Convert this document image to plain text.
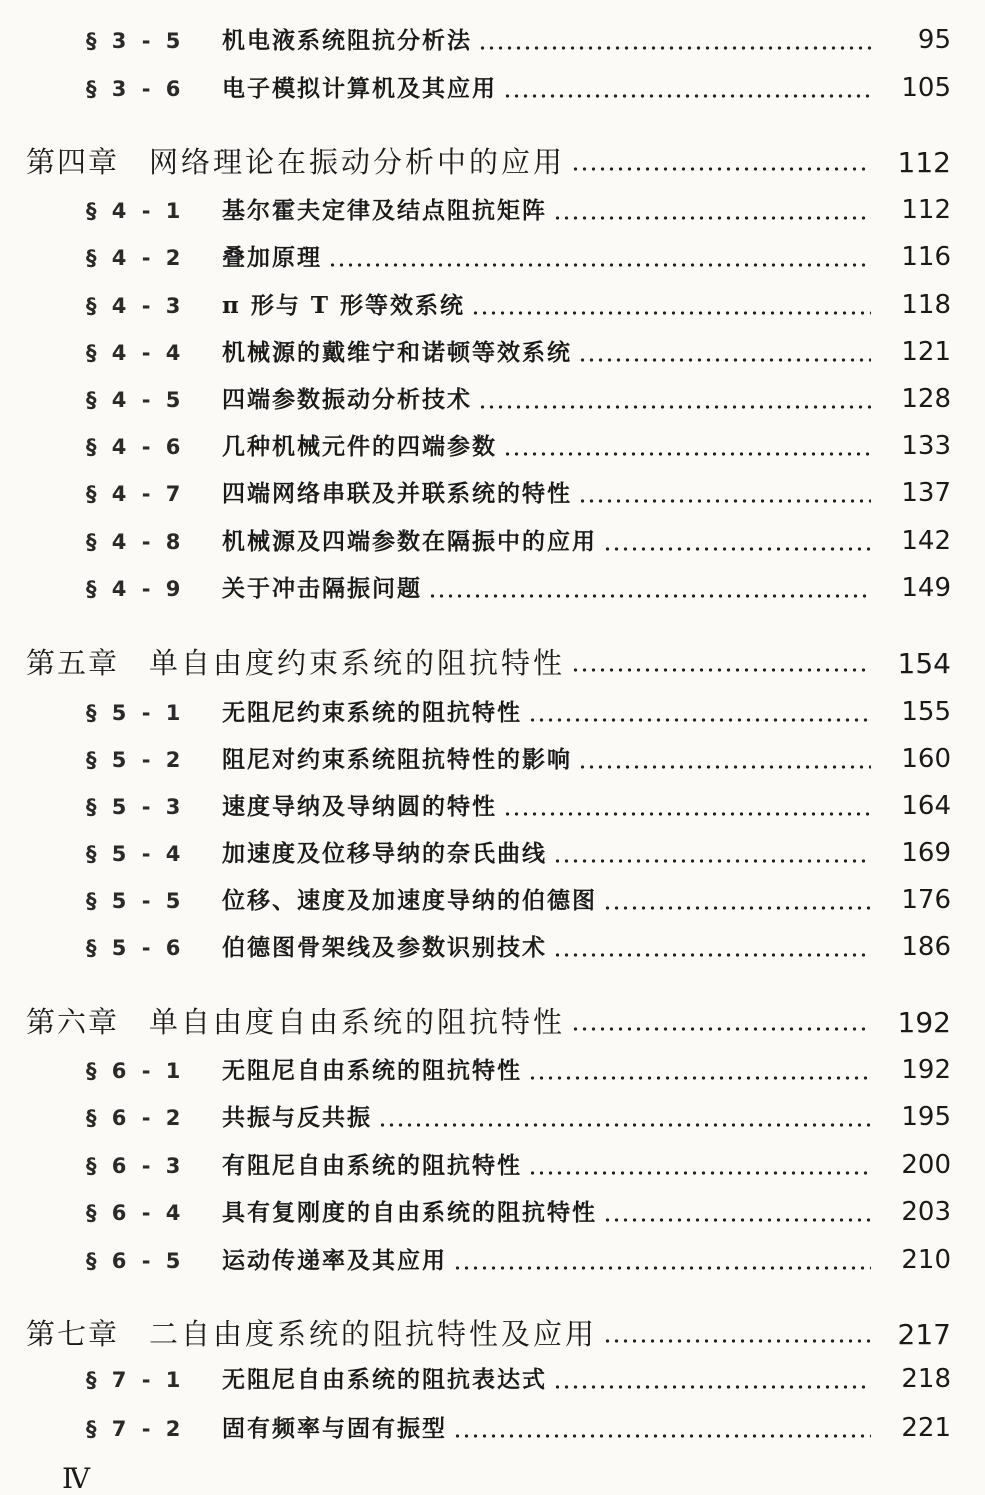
§ 3 - 5	机电液系统阻抗分析法	95
§ 3 - 6	电子模拟计算机及其应用	105
第四章 网络理论在振动分析中的应用	112
§ 4 - 1	基尔霍夫定律及结点阻抗矩阵	112
§ 4 - 2	叠加原理	116
§ 4 - 3	π 形与 T 形等效系统	118
§ 4 - 4	机械源的戴维宁和诺顿等效系统	121
§ 4 - 5	四端参数振动分析技术	128
§ 4 - 6	几种机械元件的四端参数	133
§ 4 - 7	四端网络串联及并联系统的特性	137
§ 4 - 8	机械源及四端参数在隔振中的应用	142
§ 4 - 9	关于冲击隔振问题	149
第五章 单自由度约束系统的阻抗特性	154
§ 5 - 1	无阻尼约束系统的阻抗特性	155
§ 5 - 2	阻尼对约束系统阻抗特性的影响	160
§ 5 - 3	速度导纳及导纳圆的特性	164
§ 5 - 4	加速度及位移导纳的奈氏曲线	169
§ 5 - 5	位移、速度及加速度导纳的伯德图	176
§ 5 - 6	伯德图骨架线及参数识别技术	186
第六章 单自由度自由系统的阻抗特性	192
§ 6 - 1	无阻尼自由系统的阻抗特性	192
§ 6 - 2	共振与反共振	195
§ 6 - 3	有阻尼自由系统的阻抗特性	200
§ 6 - 4	具有复刚度的自由系统的阻抗特性	203
§ 6 - 5	运动传递率及其应用	210
第七章 二自由度系统的阻抗特性及应用	217
§ 7 - 1	无阻尼自由系统的阻抗表达式	218
§ 7 - 2	固有频率与固有振型	221
Ⅳ
